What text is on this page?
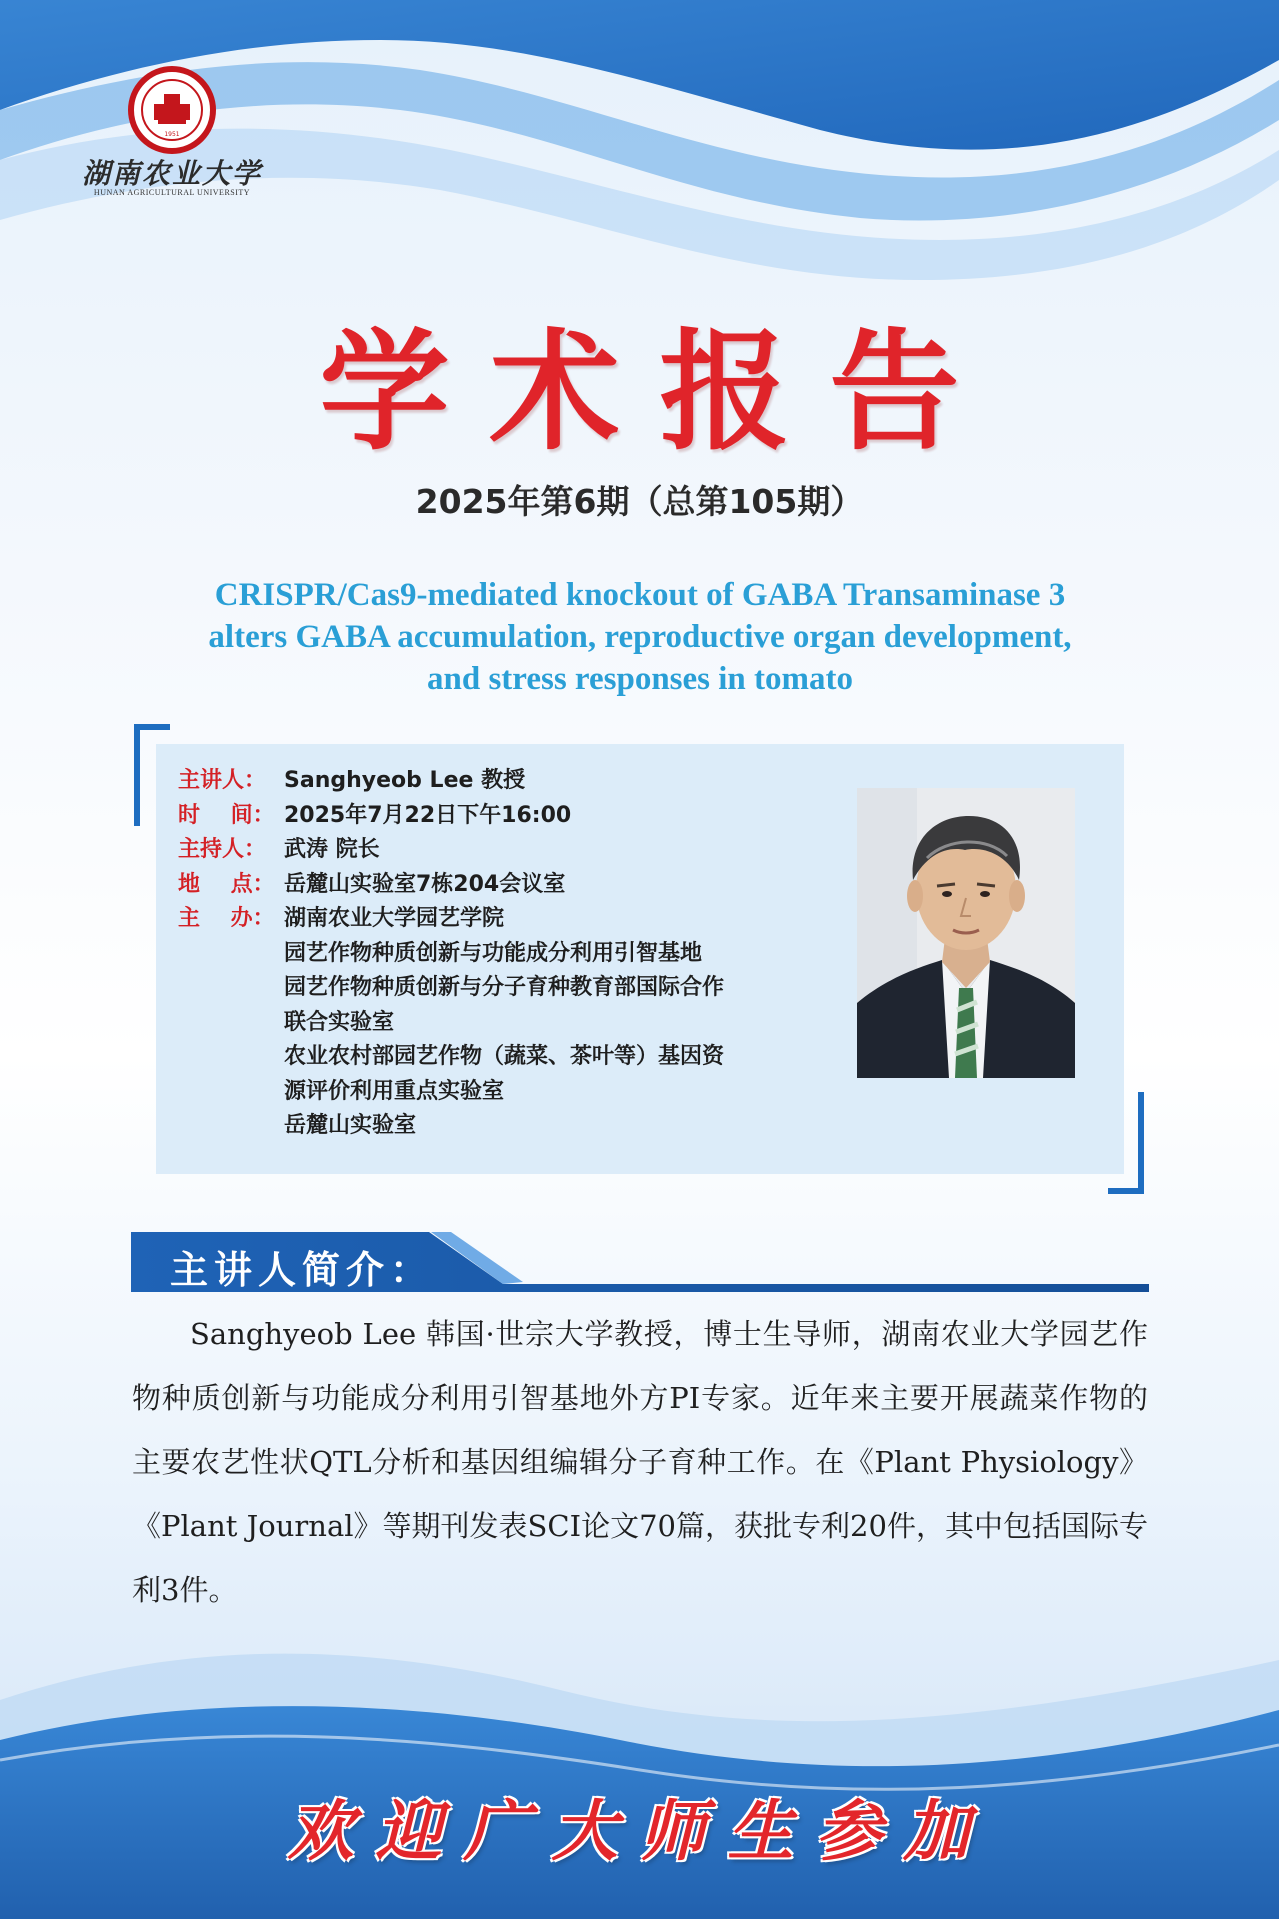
1951
湖南农业大学
HUNAN AGRICULTURAL UNIVERSITY
学术报告
2025年第6期（总第105期）
CRISPR/Cas9-mediated knockout of GABA Transaminase 3
alters GABA accumulation, reproductive organ development,
and stress responses in tomato
主讲人： Sanghyeob Lee 教授
时    间： 2025年7月22日下午16:00
主持人： 武涛 院长
地    点： 岳麓山实验室7栋204会议室
主    办： 湖南农业大学园艺学院
园艺作物种质创新与功能成分利用引智基地
园艺作物种质创新与分子育种教育部国际合作
联合实验室
农业农村部园艺作物（蔬菜、茶叶等）基因资
源评价利用重点实验室
岳麓山实验室
主讲人简介：
Sanghyeob Lee 韩国·世宗大学教授，博士生导师，湖南农业大学园艺作物种质创新与功能成分利用引智基地外方PI专家。近年来主要开展蔬菜作物的主要农艺性状QTL分析和基因组编辑分子育种工作。在《Plant Physiology》《Plant Journal》等期刊发表SCI论文70篇，获批专利20件，其中包括国际专利3件。
欢迎广大师生参加
